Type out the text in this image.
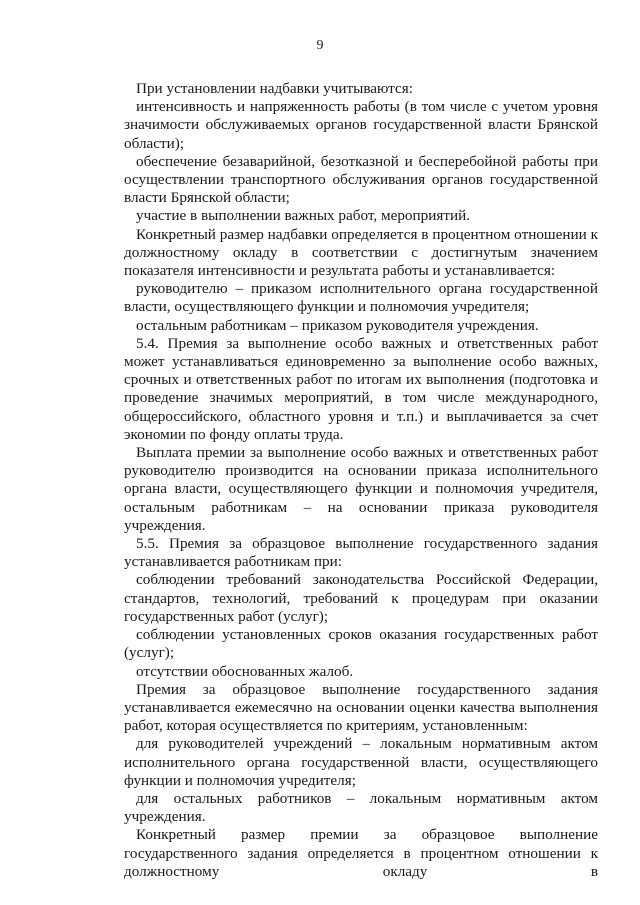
9

При установлении надбавки учитываются:

интенсивность и напряженность работы (в том числе с учетом уровня значимости обслуживаемых органов государственной власти Брянской области);

обеспечение безаварийной, безотказной и бесперебойной работы при осуществлении транспортного обслуживания органов государственной власти Брянской области;

участие в выполнении важных работ, мероприятий.

Конкретный размер надбавки определяется в процентном отношении к должностному окладу в соответствии с достигнутым значением показателя интенсивности и результата работы и устанавливается:

руководителю – приказом исполнительного органа государственной власти, осуществляющего функции и полномочия учредителя;

остальным работникам – приказом руководителя учреждения.

5.4. Премия за выполнение особо важных и ответственных работ может устанавливаться единовременно за выполнение особо важных, срочных и ответственных работ по итогам их выполнения (подготовка и проведение значимых мероприятий, в том числе международного, общероссийского, областного уровня и т.п.) и выплачивается за счет экономии по фонду оплаты труда.

Выплата премии за выполнение особо важных и ответственных работ руководителю производится на основании приказа исполнительного органа власти, осуществляющего функции и полномочия учредителя, остальным работникам – на основании приказа руководителя учреждения.

5.5. Премия за образцовое выполнение государственного задания устанавливается работникам при:

соблюдении требований законодательства Российской Федерации, стандартов, технологий, требований к процедурам при оказании государственных работ (услуг);

соблюдении установленных сроков оказания государственных работ (услуг);

отсутствии обоснованных жалоб.

Премия за образцовое выполнение государственного задания устанавливается ежемесячно на основании оценки качества выполнения работ, которая осуществляется по критериям, установленным:

для руководителей учреждений – локальным нормативным актом исполнительного органа государственной власти, осуществляющего функции и полномочия учредителя;

для остальных работников – локальным нормативным актом учреждения.

Конкретный размер премии за образцовое выполнение государственного задания определяется в процентном отношении к должностному окладу в
